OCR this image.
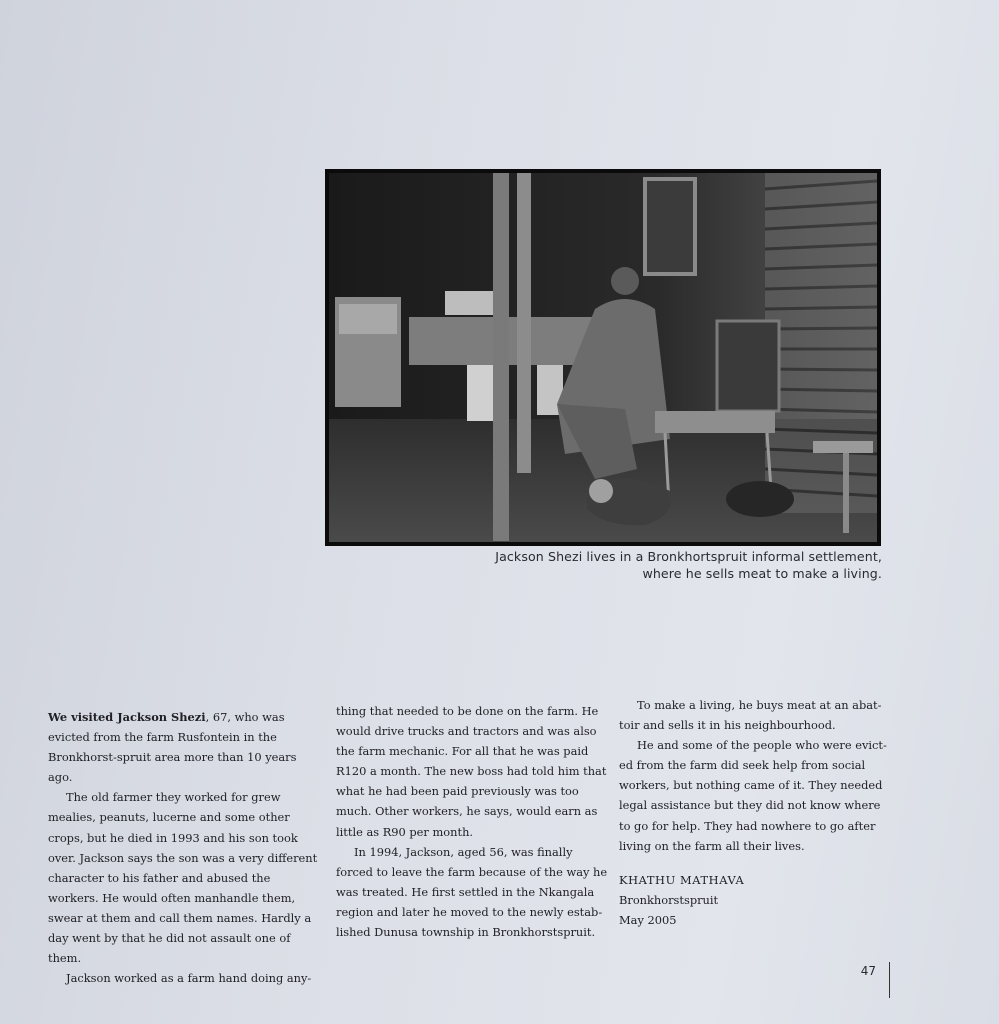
Jackson Shezi lives in a Bronkhortspruit informal settlement,
where he sells meat to make a living.

We visited Jackson Shezi, 67, who was evicted from the farm Rusfontein in the Bronkhorst-spruit area more than 10 years ago.

The old farmer they worked for grew mealies, peanuts, lucerne and some other crops, but he died in 1993 and his son took over. Jackson says the son was a very different character to his father and abused the workers. He would often manhandle them, swear at them and call them names. Hardly a day went by that he did not assault one of them.

Jackson worked as a farm hand doing any-

thing that needed to be done on the farm. He would drive trucks and tractors and was also the farm mechanic. For all that he was paid R120 a month. The new boss had told him that what he had been paid previously was too much. Other workers, he says, would earn as little as R90 per month.

In 1994, Jackson, aged 56, was finally forced to leave the farm because of the way he was treated. He first settled in the Nkangala region and later he moved to the newly estab-lished Dunusa township in Bronkhorstspruit.

To make a living, he buys meat at an abat-toir and sells it in his neighbourhood.

He and some of the people who were evict-ed from the farm did seek help from social workers, but nothing came of it. They needed legal assistance but they did not know where to go for help. They had nowhere to go after living on the farm all their lives.

KHATHU MATHAVA
Bronkhorstspruit
May 2005
47
